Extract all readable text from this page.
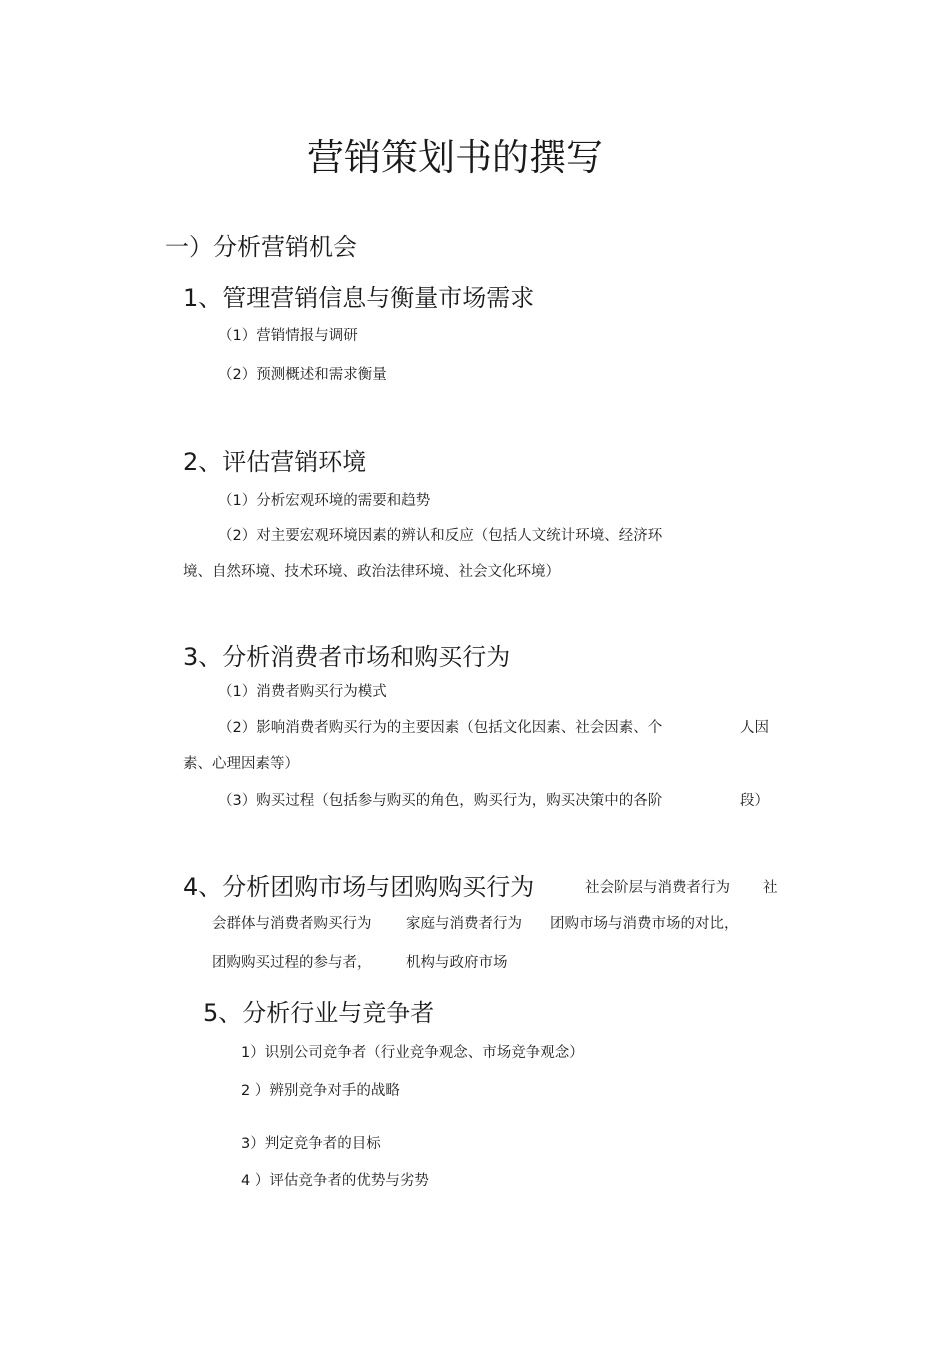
营销策划书的撰写
一）分析营销机会
1、管理营销信息与衡量市场需求
（1）营销情报与调研
（2）预测概述和需求衡量
2、评估营销环境
（1）分析宏观环境的需要和趋势
（2）对主要宏观环境因素的辨认和反应（包括人文统计环境、经济环
境、自然环境、技术环境、政治法律环境、社会文化环境）
3、分析消费者市场和购买行为
（1）消费者购买行为模式
（2）影响消费者购买行为的主要因素（包括文化因素、社会因素、个	人因
素、心理因素等）
（3）购买过程（包括参与购买的角色，购买行为，购买决策中的各阶	段）
4、分析团购市场与团购购买行为	社会阶层与消费者行为 社
会群体与消费者购买行为 家庭与消费者行为 团购市场与消费市场的对比，
团购购买过程的参与者， 机构与政府市场
5、分析行业与竞争者
1）识别公司竞争者（行业竞争观念、市场竞争观念）
2 ）辨别竞争对手的战略
3）判定竞争者的目标
4 ）评估竞争者的优势与劣势
